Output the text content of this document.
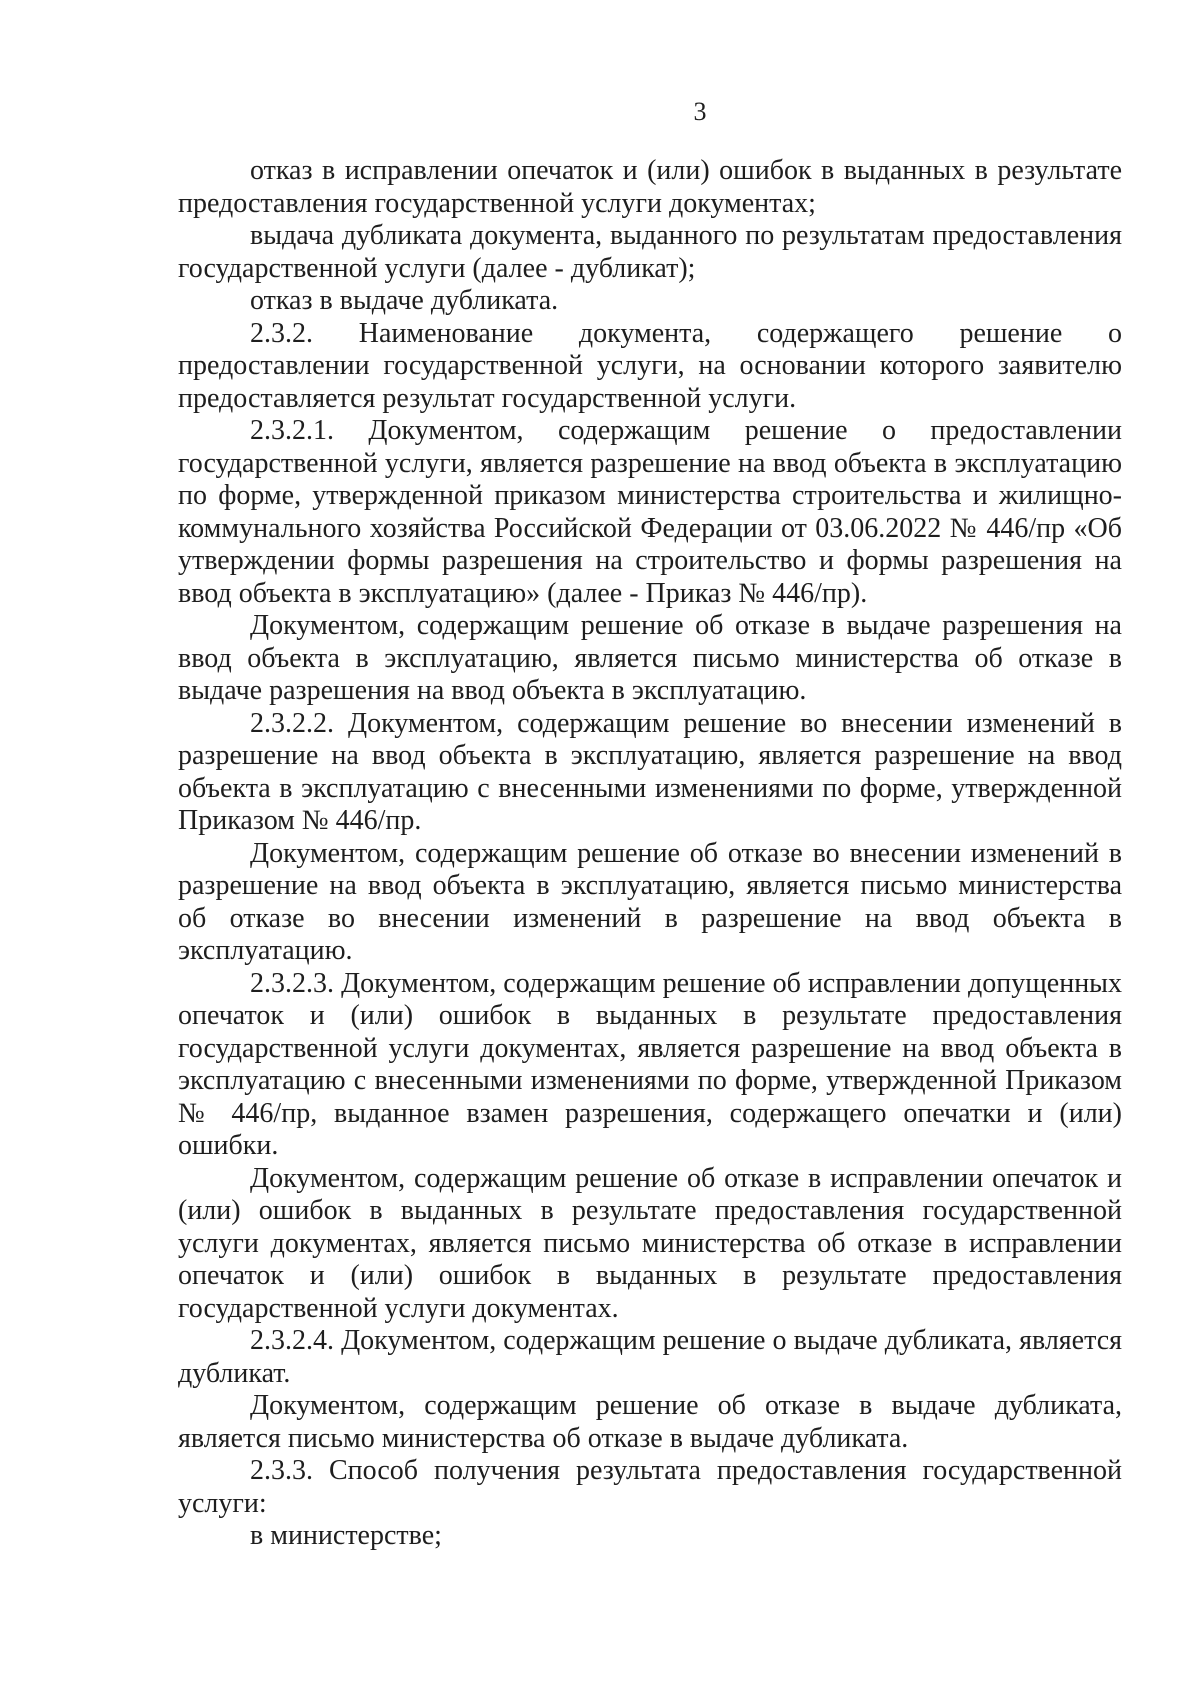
3

отказ в исправлении опечаток и (или) ошибок в выданных в результате предоставления государственной услуги документах;

выдача дубликата документа, выданного по результатам предоставления государственной услуги (далее - дубликат);

отказ в выдаче дубликата.

2.3.2. Наименование документа, содержащего решение о предоставлении государственной услуги, на основании которого заявителю предоставляется результат государственной услуги.

2.3.2.1. Документом, содержащим решение о предоставлении государственной услуги, является разрешение на ввод объекта в эксплуатацию по форме, утвержденной приказом министерства строительства и жилищно-коммунального хозяйства Российской Федерации от 03.06.2022 № 446/пр «Об утверждении формы разрешения на строительство и формы разрешения на ввод объекта в эксплуатацию» (далее - Приказ № 446/пр).

Документом, содержащим решение об отказе в выдаче разрешения на ввод объекта в эксплуатацию, является письмо министерства об отказе в выдаче разрешения на ввод объекта в эксплуатацию.

2.3.2.2. Документом, содержащим решение во внесении изменений в разрешение на ввод объекта в эксплуатацию, является разрешение на ввод объекта в эксплуатацию с внесенными изменениями по форме, утвержденной Приказом № 446/пр.

Документом, содержащим решение об отказе во внесении изменений в разрешение на ввод объекта в эксплуатацию, является письмо министерства об отказе во внесении изменений в разрешение на ввод объекта в эксплуатацию.

2.3.2.3. Документом, содержащим решение об исправлении допущенных опечаток и (или) ошибок в выданных в результате предоставления государственной услуги документах, является разрешение на ввод объекта в эксплуатацию с внесенными изменениями по форме, утвержденной Приказом № 446/пр, выданное взамен разрешения, содержащего опечатки и (или) ошибки.

Документом, содержащим решение об отказе в исправлении опечаток и (или) ошибок в выданных в результате предоставления государственной услуги документах, является письмо министерства об отказе в исправлении опечаток и (или) ошибок в выданных в результате предоставления государственной услуги документах.

2.3.2.4. Документом, содержащим решение о выдаче дубликата, является дубликат.

Документом, содержащим решение об отказе в выдаче дубликата, является письмо министерства об отказе в выдаче дубликата.

2.3.3. Способ получения результата предоставления государственной услуги:

в министерстве;
